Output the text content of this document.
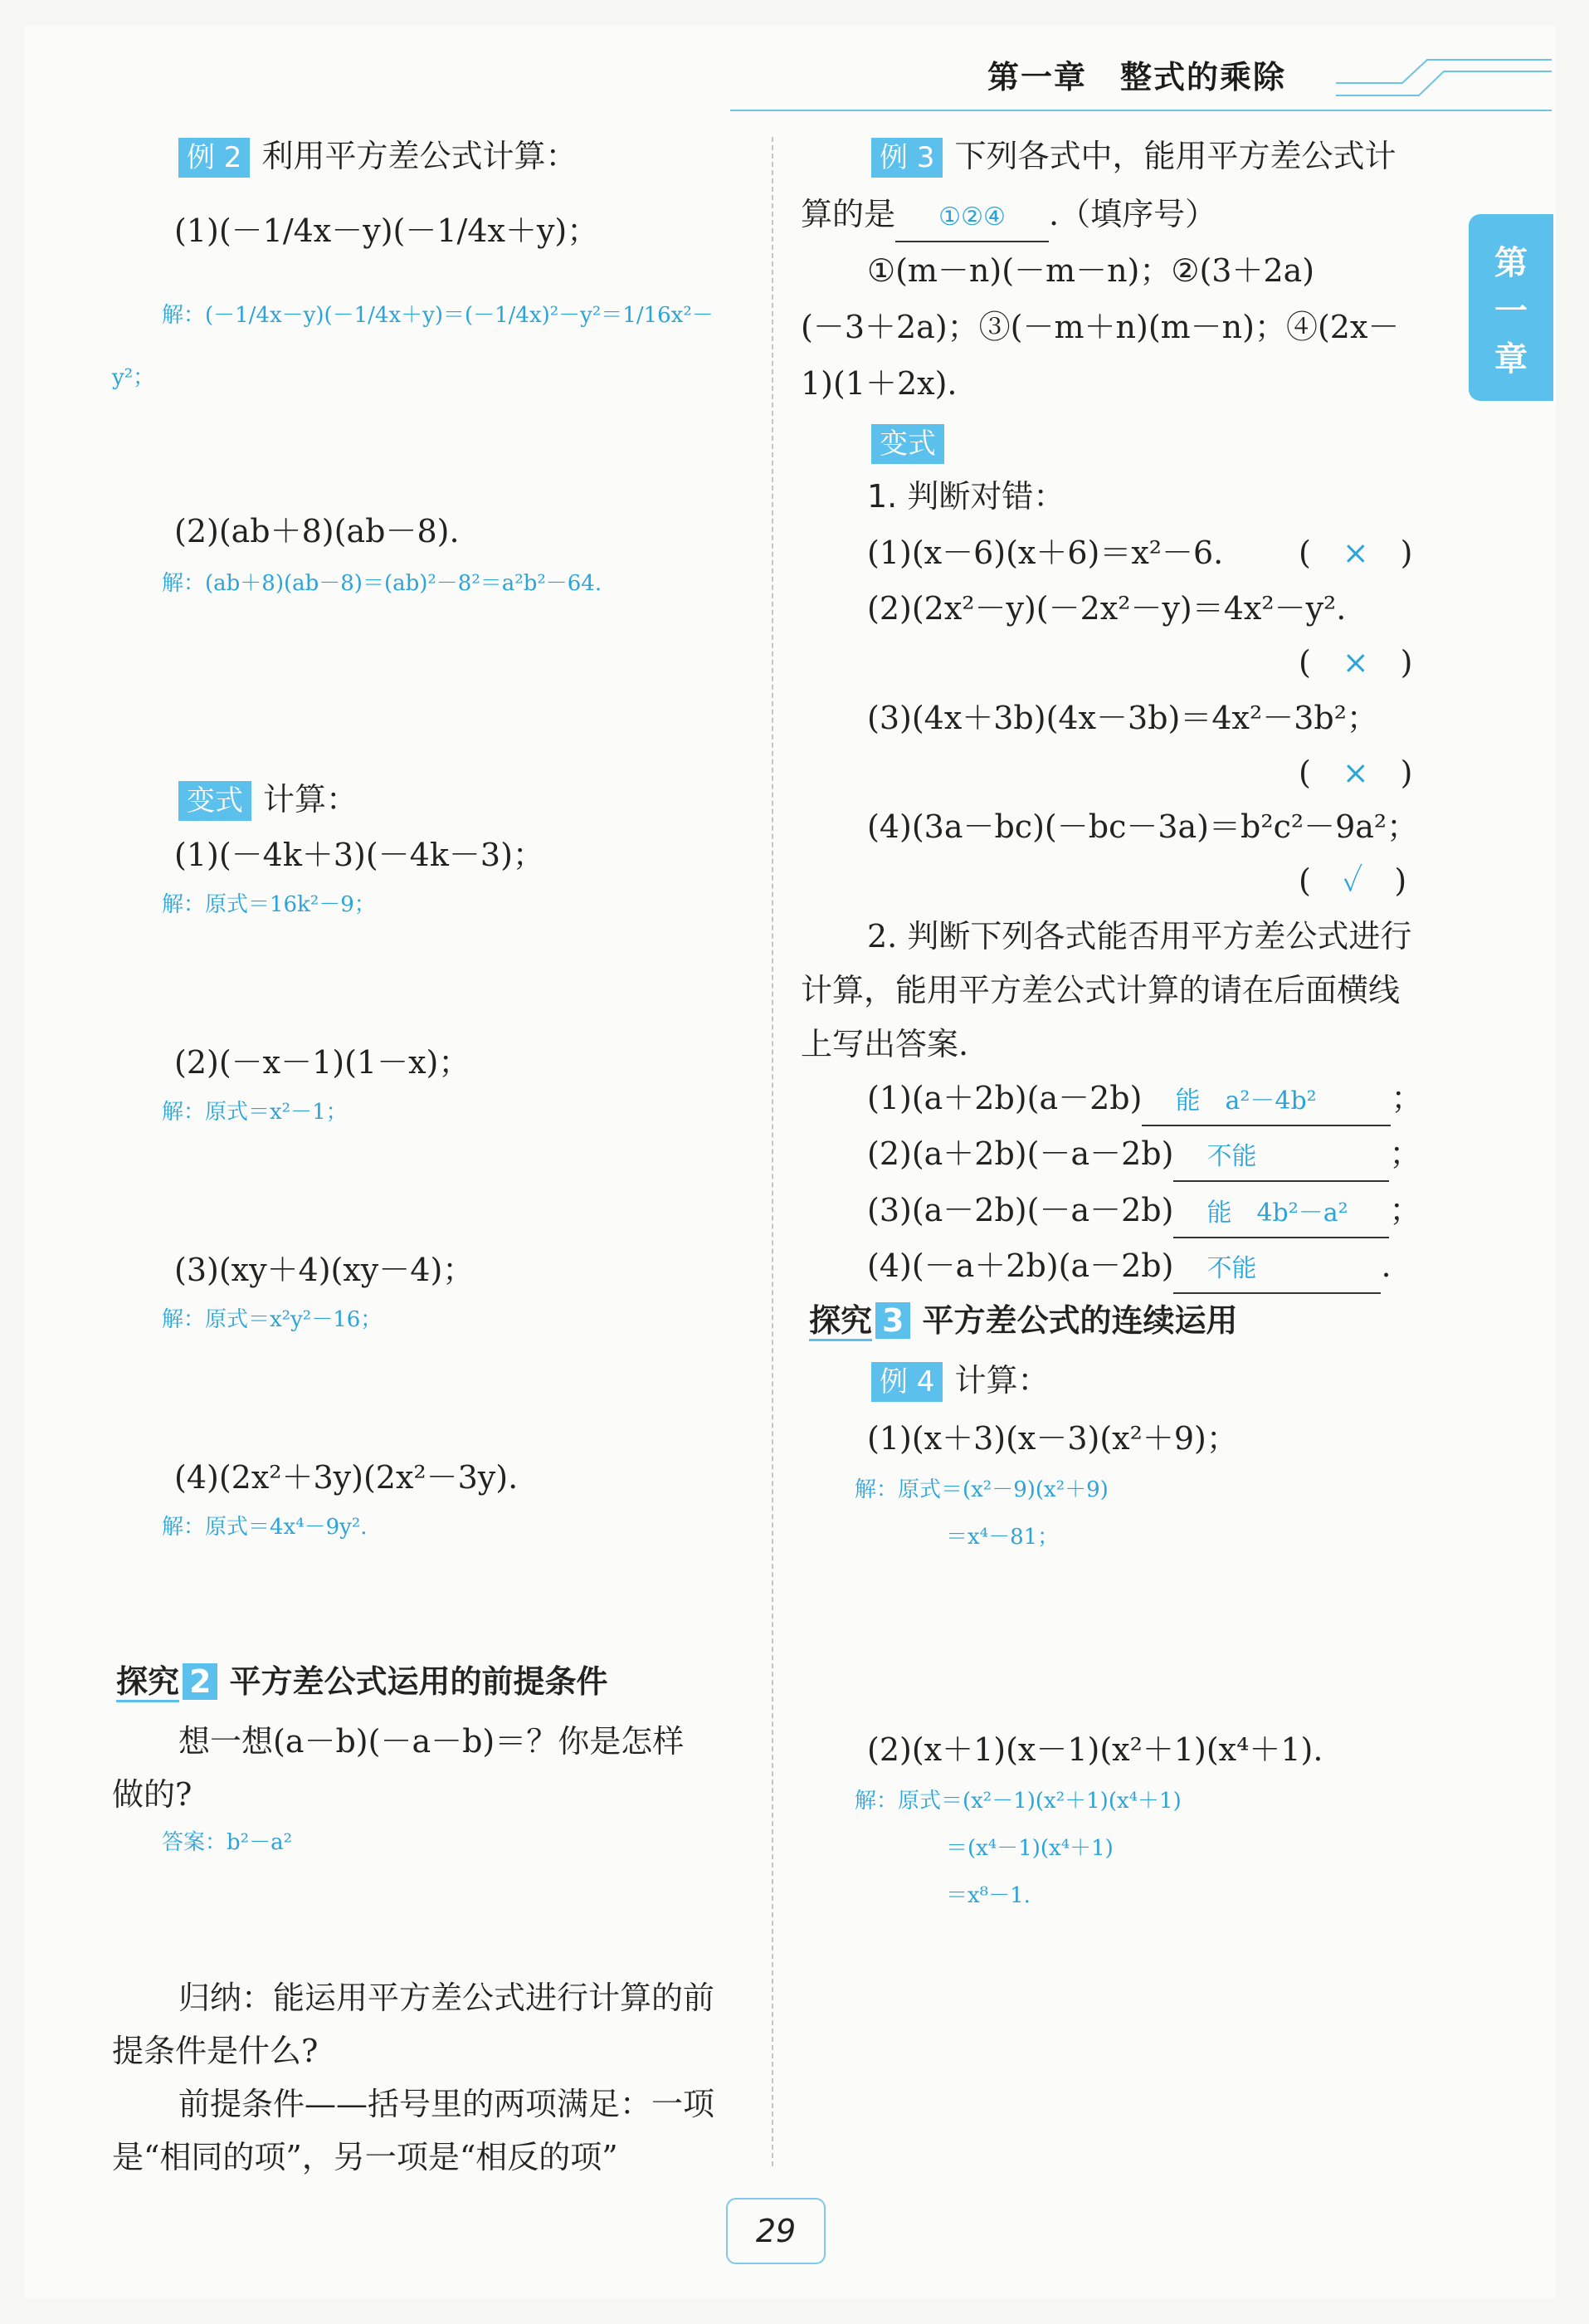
第一章　整式的乘除
第一章
例 2 利用平方差公式计算：
(1)(－1/4x－y)(－1/4x＋y)；
解：(－1/4x－y)(－1/4x＋y)＝(－1/4x)²－y²＝1/16x²－
y²；
(2)(ab＋8)(ab－8).
解：(ab＋8)(ab－8)＝(ab)²－8²＝a²b²－64.
变式 计算：
(1)(－4k＋3)(－4k－3)；
解：原式＝16k²－9；
(2)(－x－1)(1－x)；
解：原式＝x²－1；
(3)(xy＋4)(xy－4)；
解：原式＝x²y²－16；
(4)(2x²＋3y)(2x²－3y).
解：原式＝4x⁴－9y².
探究 2 平方差公式运用的前提条件
想一想(a－b)(－a－b)＝？你是怎样
做的?
答案：b²－a²
归纳：能运用平方差公式进行计算的前
提条件是什么?
前提条件——括号里的两项满足：一项
是“相同的项”，另一项是“相反的项”
例 3 下列各式中，能用平方差公式计
算的是 ①②④ .（填序号）
①(m－n)(－m－n)；②(3＋2a)
(－3＋2a)；③(－m＋n)(m－n)；④(2x－
1)(1＋2x).
变式
1. 判断对错：
(1)(x－6)(x＋6)＝x²－6. (　×　)
(2)(2x²－y)(－2x²－y)＝4x²－y².
(　×　)
(3)(4x＋3b)(4x－3b)＝4x²－3b²；
(　×　)
(4)(3a－bc)(－bc－3a)＝b²c²－9a²；
(　✓　)
2. 判断下列各式能否用平方差公式进行
计算，能用平方差公式计算的请在后面横线
上写出答案.
(1)(a＋2b)(a－2b) 能　a²－4b² ；
(2)(a＋2b)(－a－2b) 不能	；
(3)(a－2b)(－a－2b) 能　4b²－a² ；
(4)(－a＋2b)(a－2b) 不能	.
探究 3 平方差公式的连续运用
例 4 计算：
(1)(x＋3)(x－3)(x²＋9)；
解：原式＝(x²－9)(x²＋9)
＝x⁴－81；
(2)(x＋1)(x－1)(x²＋1)(x⁴＋1).
解：原式＝(x²－1)(x²＋1)(x⁴＋1)
＝(x⁴－1)(x⁴＋1)
＝x⁸－1.
29
